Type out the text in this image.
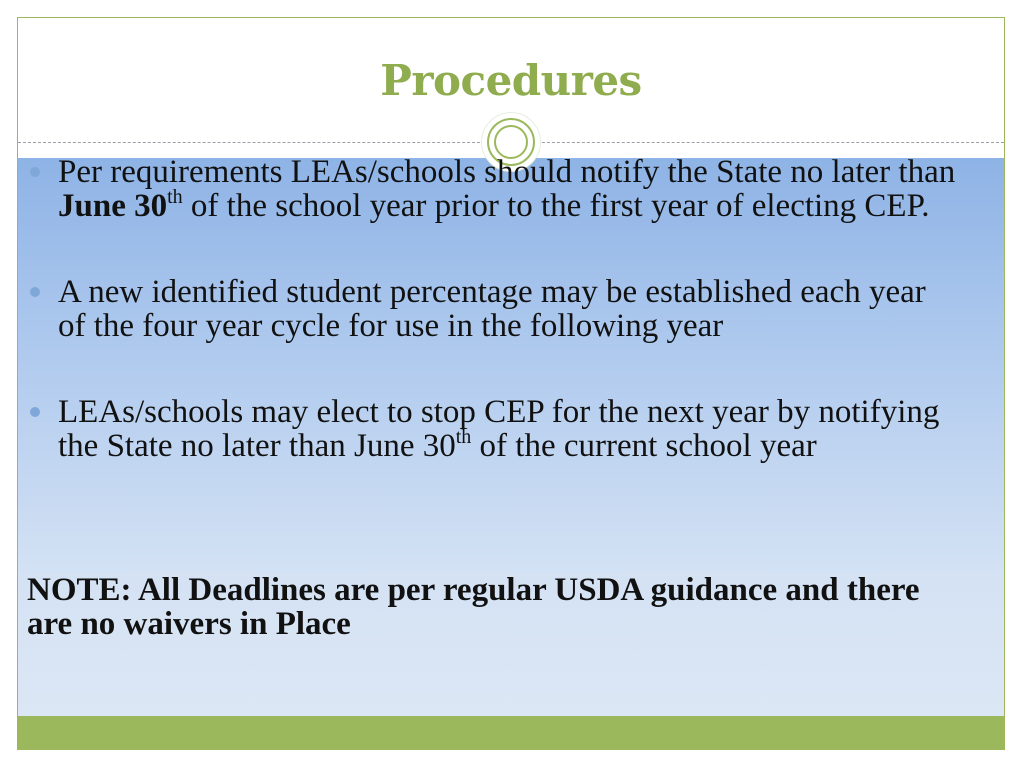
Procedures
Per requirements LEAs/schools should notify the State no later than June 30th of the school year prior to the first year of electing CEP.
A new identified student percentage may be established each year of the four year cycle for use in the following year
LEAs/schools may elect to stop CEP for the next year by notifying the State no later than June 30th of the current school year
NOTE: All Deadlines are per regular USDA guidance and there are no waivers in Place
